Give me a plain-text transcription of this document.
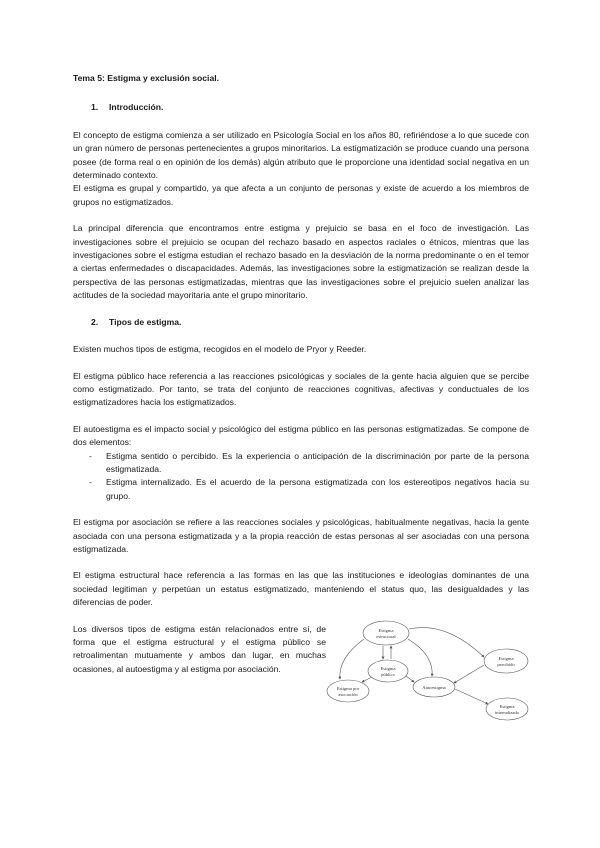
Tema 5: Estigma y exclusión social.
1. Introducción.

El concepto de estigma comienza a ser utilizado en Psicología Social en los años 80, refiriéndose a lo que sucede con un gran número de personas pertenecientes a grupos minoritarios. La estigmatización se produce cuando una persona posee (de forma real o en opinión de los demás) algún atributo que le proporcione una identidad social negativa en un determinado contexto.

El estigma es grupal y compartido, ya que afecta a un conjunto de personas y existe de acuerdo a los miembros de grupos no estigmatizados.

La principal diferencia que encontramos entre estigma y prejuicio se basa en el foco de investigación. Las investigaciones sobre el prejuicio se ocupan del rechazo basado en aspectos raciales o étnicos, mientras que las investigaciones sobre el estigma estudian el rechazo basado en la desviación de la norma predominante o en el temor a ciertas enfermedades o discapacidades. Además, las investigaciones sobre la estigmatización se realizan desde la perspectiva de las personas estigmatizadas, mientras que las investigaciones sobre el prejuicio suelen analizar las actitudes de la sociedad mayoritaria ante el grupo minoritario.

2. Tipos de estigma.

Existen muchos tipos de estigma, recogidos en el modelo de Pryor y Reeder.

El estigma público hace referencia a las reacciones psicológicas y sociales de la gente hacia alguien que se percibe como estigmatizado. Por tanto, se trata del conjunto de reacciones cognitivas, afectivas y conductuales de los estigmatizadores hacia los estigmatizados.

El autoestigma es el impacto social y psicológico del estigma público en las personas estigmatizadas. Se compone de dos elementos:

- Estigma sentido o percibido. Es la experiencia o anticipación de la discriminación por parte de la persona estigmatizada.
- Estigma internalizado. Es el acuerdo de la persona estigmatizada con los estereotipos negativos hacia su grupo.

El estigma por asociación se refiere a las reacciones sociales y psicológicas, habitualmente negativas, hacia la gente asociada con una persona estigmatizada y a la propia reacción de estas personas al ser asociadas con una persona estigmatizada.

El estigma estructural hace referencia a las formas en las que las instituciones e ideologías dominantes de una sociedad legitiman y perpetúan un estatus estigmatizado, manteniendo el status quo, las desigualdades y las diferencias de poder.

Los diversos tipos de estigma están relacionados entre sí, de forma que el estigma estructural y el estigma público se retroalimentan mutuamente y ambos dan lugar, en muchas ocasiones, al autoestigma y al estigma por asociación.

Estigma
estructural
Estigma
público
Estigma por
asociación
Autoestigma
Estigma
percibido
Estigma
internalizado
